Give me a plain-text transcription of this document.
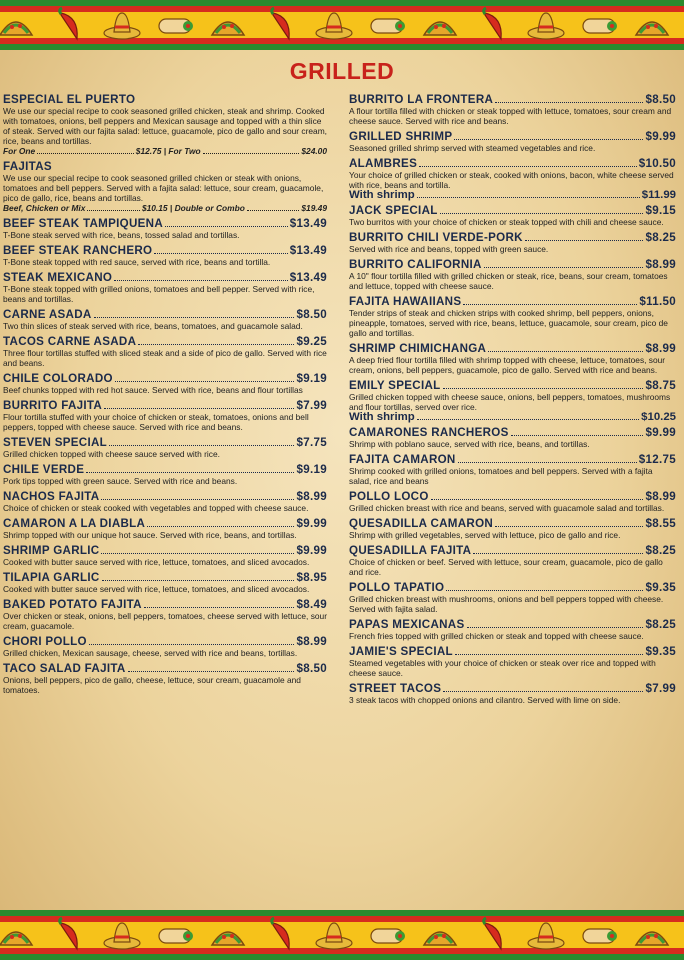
GRILLED
ESPECIAL EL PUERTO
We use our special recipe to cook seasoned grilled chicken, steak and shrimp. Cooked with tomatoes, onions, bell peppers and Mexican sausage and topped with a thin slice of steak. Served with our fajita salad: lettuce, guacamole, pico de gallo and sour cream, rice, beans and tortillas.
For One	$12.75 | For Two	$24.00
FAJITAS
We use our special recipe to cook seasoned grilled chicken or steak with onions, tomatoes and bell peppers. Served with a fajita salad: lettuce, sour cream, guacamole, pico de gallo, rice, beans and tortillas.
Beef, Chicken or Mix	$10.15 | Double or Combo	$19.49
BEEF STEAK TAMPIQUENA	$13.49
T-Bone steak served with rice, beans, tossed salad and tortillas.
BEEF STEAK RANCHERO	$13.49
T-Bone steak topped with red sauce, served with rice, beans and tortilla.
STEAK MEXICANO	$13.49
T-Bone steak topped with grilled onions, tomatoes and bell pepper. Served with rice, beans and tortillas.
CARNE ASADA	$8.50
Two thin slices of steak served with rice, beans, tomatoes, and guacamole salad.
TACOS CARNE ASADA	$9.25
Three flour tortillas stuffed with sliced steak and a side of pico de gallo. Served with rice and beans.
CHILE COLORADO	$9.19
Beef chunks topped with red hot sauce. Served with rice, beans and flour tortillas
BURRITO FAJITA	$7.99
Flour tortilla stuffed with your choice of chicken or steak, tomatoes, onions and bell peppers, topped with cheese sauce. Served with rice and beans.
STEVEN SPECIAL	$7.75
Grilled chicken topped with cheese sauce served with rice.
CHILE VERDE	$9.19
Pork tips topped with green sauce. Served with rice and beans.
NACHOS FAJITA	$8.99
Choice of chicken or steak cooked with vegetables and topped with cheese sauce.
CAMARON A LA DIABLA	$9.99
Shrimp topped with our unique hot sauce. Served with rice, beans, and tortillas.
SHRIMP GARLIC	$9.99
Cooked with butter sauce served with rice, lettuce, tomatoes, and sliced avocados.
TILAPIA GARLIC	$8.95
Cooked with butter sauce served with rice, lettuce, tomatoes, and sliced avocados.
BAKED POTATO FAJITA	$8.49
Over chicken or steak, onions, bell peppers, tomatoes, cheese served with lettuce, sour cream, guacamole.
CHORI POLLO	$8.99
Grilled chicken, Mexican sausage, cheese, served with rice and beans, tortillas.
TACO SALAD FAJITA	$8.50
Onions, bell peppers, pico de gallo, cheese, lettuce, sour cream, guacamole and tomatoes.
BURRITO LA FRONTERA	$8.50
A flour tortilla filled with chicken or steak topped with lettuce, tomatoes, sour cream and cheese sauce. Served with rice and beans.
GRILLED SHRIMP	$9.99
Seasoned grilled shrimp served with steamed vegetables and rice.
ALAMBRES	$10.50
Your choice of grilled chicken or steak, cooked with onions, bacon, white cheese served with rice, beans and tortilla.
With shrimp	$11.99
JACK SPECIAL	$9.15
Two burritos with your choice of chicken or steak topped with chili and cheese sauce.
BURRITO CHILI VERDE-PORK	$8.25
Served with rice and beans, topped with green sauce.
BURRITO CALIFORNIA	$8.99
A 10" flour tortilla filled with grilled chicken or steak, rice, beans, sour cream, tomatoes and lettuce, topped with cheese sauce.
FAJITA HAWAIIANS	$11.50
Tender strips of steak and chicken strips with cooked shrimp, bell peppers, onions, pineapple, tomatoes, served with rice, beans, lettuce, guacamole, sour cream, pico de gallo and tortillas.
SHRIMP CHIMICHANGA	$8.99
A deep fried flour tortilla filled with shrimp topped with cheese, lettuce, tomatoes, sour cream, onions, bell peppers, guacamole, pico de gallo. Served with rice and beans.
EMILY SPECIAL	$8.75
Grilled chicken topped with cheese sauce, onions, bell peppers, tomatoes, mushrooms and flour tortillas, served over rice.
With shrimp	$10.25
CAMARONES RANCHEROS	$9.99
Shrimp with poblano sauce, served with rice, beans, and tortillas.
FAJITA CAMARON	$12.75
Shrimp cooked with grilled onions, tomatoes and bell peppers. Served with a fajita salad, rice and beans
POLLO LOCO	$8.99
Grilled chicken breast with rice and beans, served with guacamole salad and tortillas.
QUESADILLA CAMARON	$8.55
Shrimp with grilled vegetables, served with lettuce, pico de gallo and rice.
QUESADILLA FAJITA	$8.25
Choice of chicken or beef. Served with lettuce, sour cream, guacamole, pico de gallo and rice.
POLLO TAPATIO	$9.35
Grilled chicken breast with mushrooms, onions and bell peppers topped with cheese. Served with fajita salad.
PAPAS MEXICANAS	$8.25
French fries topped with grilled chicken or steak and topped with cheese sauce.
JAMIE'S SPECIAL	$9.35
Steamed vegetables with your choice of chicken or steak over rice and topped with cheese sauce.
STREET TACOS	$7.99
3 steak tacos with chopped onions and cilantro. Served with lime on side.
